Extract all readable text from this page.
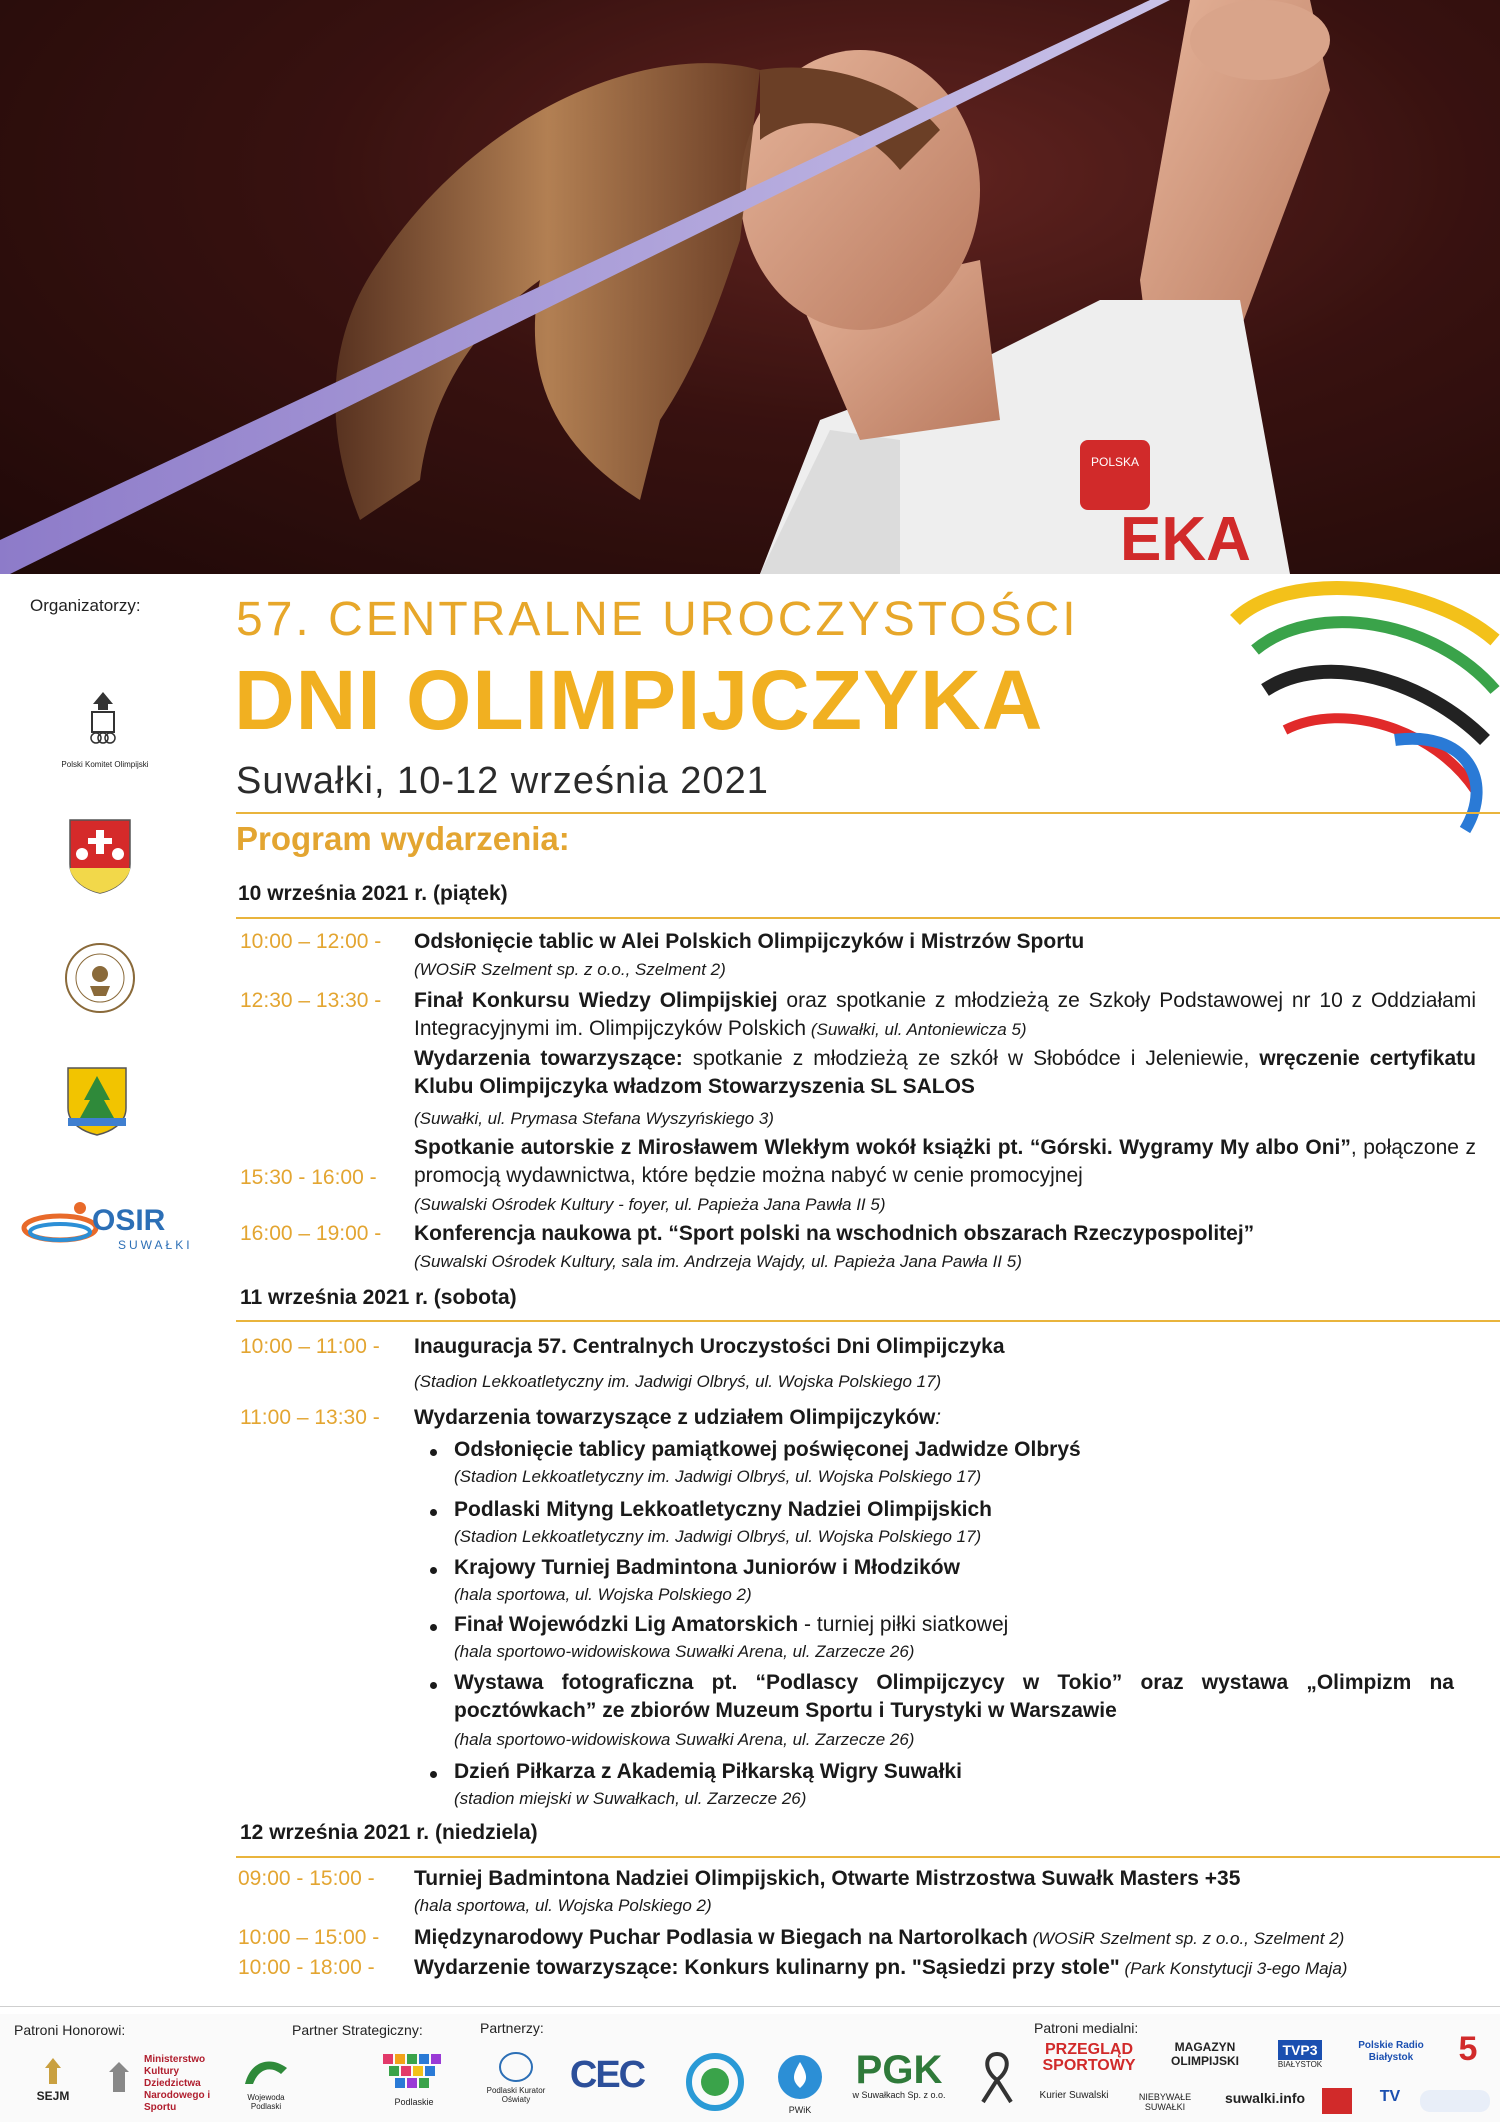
POLSKA
EKA
Organizatorzy:
Polski Komitet Olimpijski
OSIR
SUWAŁKI
57. CENTRALNE UROCZYSTOŚCI
DNI OLIMPIJCZYKA
Suwałki, 10-12 września 2021
Program wydarzenia:
10 września 2021 r. (piątek)
10:00 – 12:00 - Odsłonięcie tablic w Alei Polskich Olimpijczyków i Mistrzów Sportu
(WOSiR Szelment sp. z o.o., Szelment 2)
12:30 – 13:30 - Finał Konkursu Wiedzy Olimpijskiej oraz spotkanie z młodzieżą ze Szkoły Podstawowej nr 10 z Oddziałami Integracyjnymi im. Olimpijczyków Polskich (Suwałki, ul. Antoniewicza 5)
Wydarzenia towarzyszące: spotkanie z młodzieżą ze szkół w Słobódce i Jeleniewie, wręczenie certyfikatu Klubu Olimpijczyka władzom Stowarzyszenia SL SALOS
(Suwałki, ul. Prymasa Stefana Wyszyńskiego 3)
15:30 - 16:00 -
Spotkanie autorskie z Mirosławem Wlekłym wokół książki pt. “Górski. Wygramy My albo Oni”, połączone z promocją wydawnictwa, które będzie można nabyć w cenie promocyjnej
(Suwalski Ośrodek Kultury - foyer, ul. Papieża Jana Pawła II 5)
16:00 – 19:00 - Konferencja naukowa pt. “Sport polski na wschodnich obszarach Rzeczypospolitej”
(Suwalski Ośrodek Kultury, sala im. Andrzeja Wajdy, ul. Papieża Jana Pawła II 5)
11 września 2021 r. (sobota)
10:00 – 11:00 - Inauguracja 57. Centralnych Uroczystości Dni Olimpijczyka
(Stadion Lekkoatletyczny im. Jadwigi Olbryś, ul. Wojska Polskiego 17)
11:00 – 13:30 - Wydarzenia towarzyszące z udziałem Olimpijczyków:
Odsłonięcie tablicy pamiątkowej poświęconej Jadwidze Olbryś
(Stadion Lekkoatletyczny im. Jadwigi Olbryś, ul. Wojska Polskiego 17)
Podlaski Mityng Lekkoatletyczny Nadziei Olimpijskich
(Stadion Lekkoatletyczny im. Jadwigi Olbryś, ul. Wojska Polskiego 17)
Krajowy Turniej Badmintona Juniorów i Młodzików
(hala sportowa, ul. Wojska Polskiego 2)
Finał Wojewódzki Lig Amatorskich - turniej piłki siatkowej
(hala sportowo-widowiskowa Suwałki Arena, ul. Zarzecze 26)
Wystawa fotograficzna pt. “Podlascy Olimpijczycy w Tokio” oraz wystawa „Olimpizm na pocztówkach” ze zbiorów Muzeum Sportu i Turystyki w Warszawie
(hala sportowo-widowiskowa Suwałki Arena, ul. Zarzecze 26)
Dzień Piłkarza z Akademią Piłkarską Wigry Suwałki
(stadion miejski w Suwałkach, ul. Zarzecze 26)
12 września 2021 r. (niedziela)
09:00 - 15:00 - Turniej Badmintona Nadziei Olimpijskich, Otwarte Mistrzostwa Suwałk Masters +35
(hala sportowa, ul. Wojska Polskiego 2)
10:00 – 15:00 - Międzynarodowy Puchar Podlasia w Biegach na Nartorolkach (WOSiR Szelment sp. z o.o., Szelment 2)
10:00 - 18:00 - Wydarzenie towarzyszące: Konkurs kulinarny pn. "Sąsiedzi przy stole" (Park Konstytucji 3-ego Maja)
Patroni Honorowi:	Partner Strategiczny:	Partnerzy:	Patroni medialni:
SEJM
Ministerstwo Kultury Dziedzictwa Narodowego i Sportu
Wojewoda Podlaski	Podlaskie
Podlaski Kurator Oświaty
CEC
PWiK
PGK
w Suwałkach Sp. z o.o.
PRZEGLĄD SPORTOWY
MAGAZYN OLIMPIJSKI
TVP3
BIAŁYSTOK
Polskie Radio Białystok	5
Kurier Suwalski	NIEBYWAŁE SUWAŁKI
suwalki.info	TV
